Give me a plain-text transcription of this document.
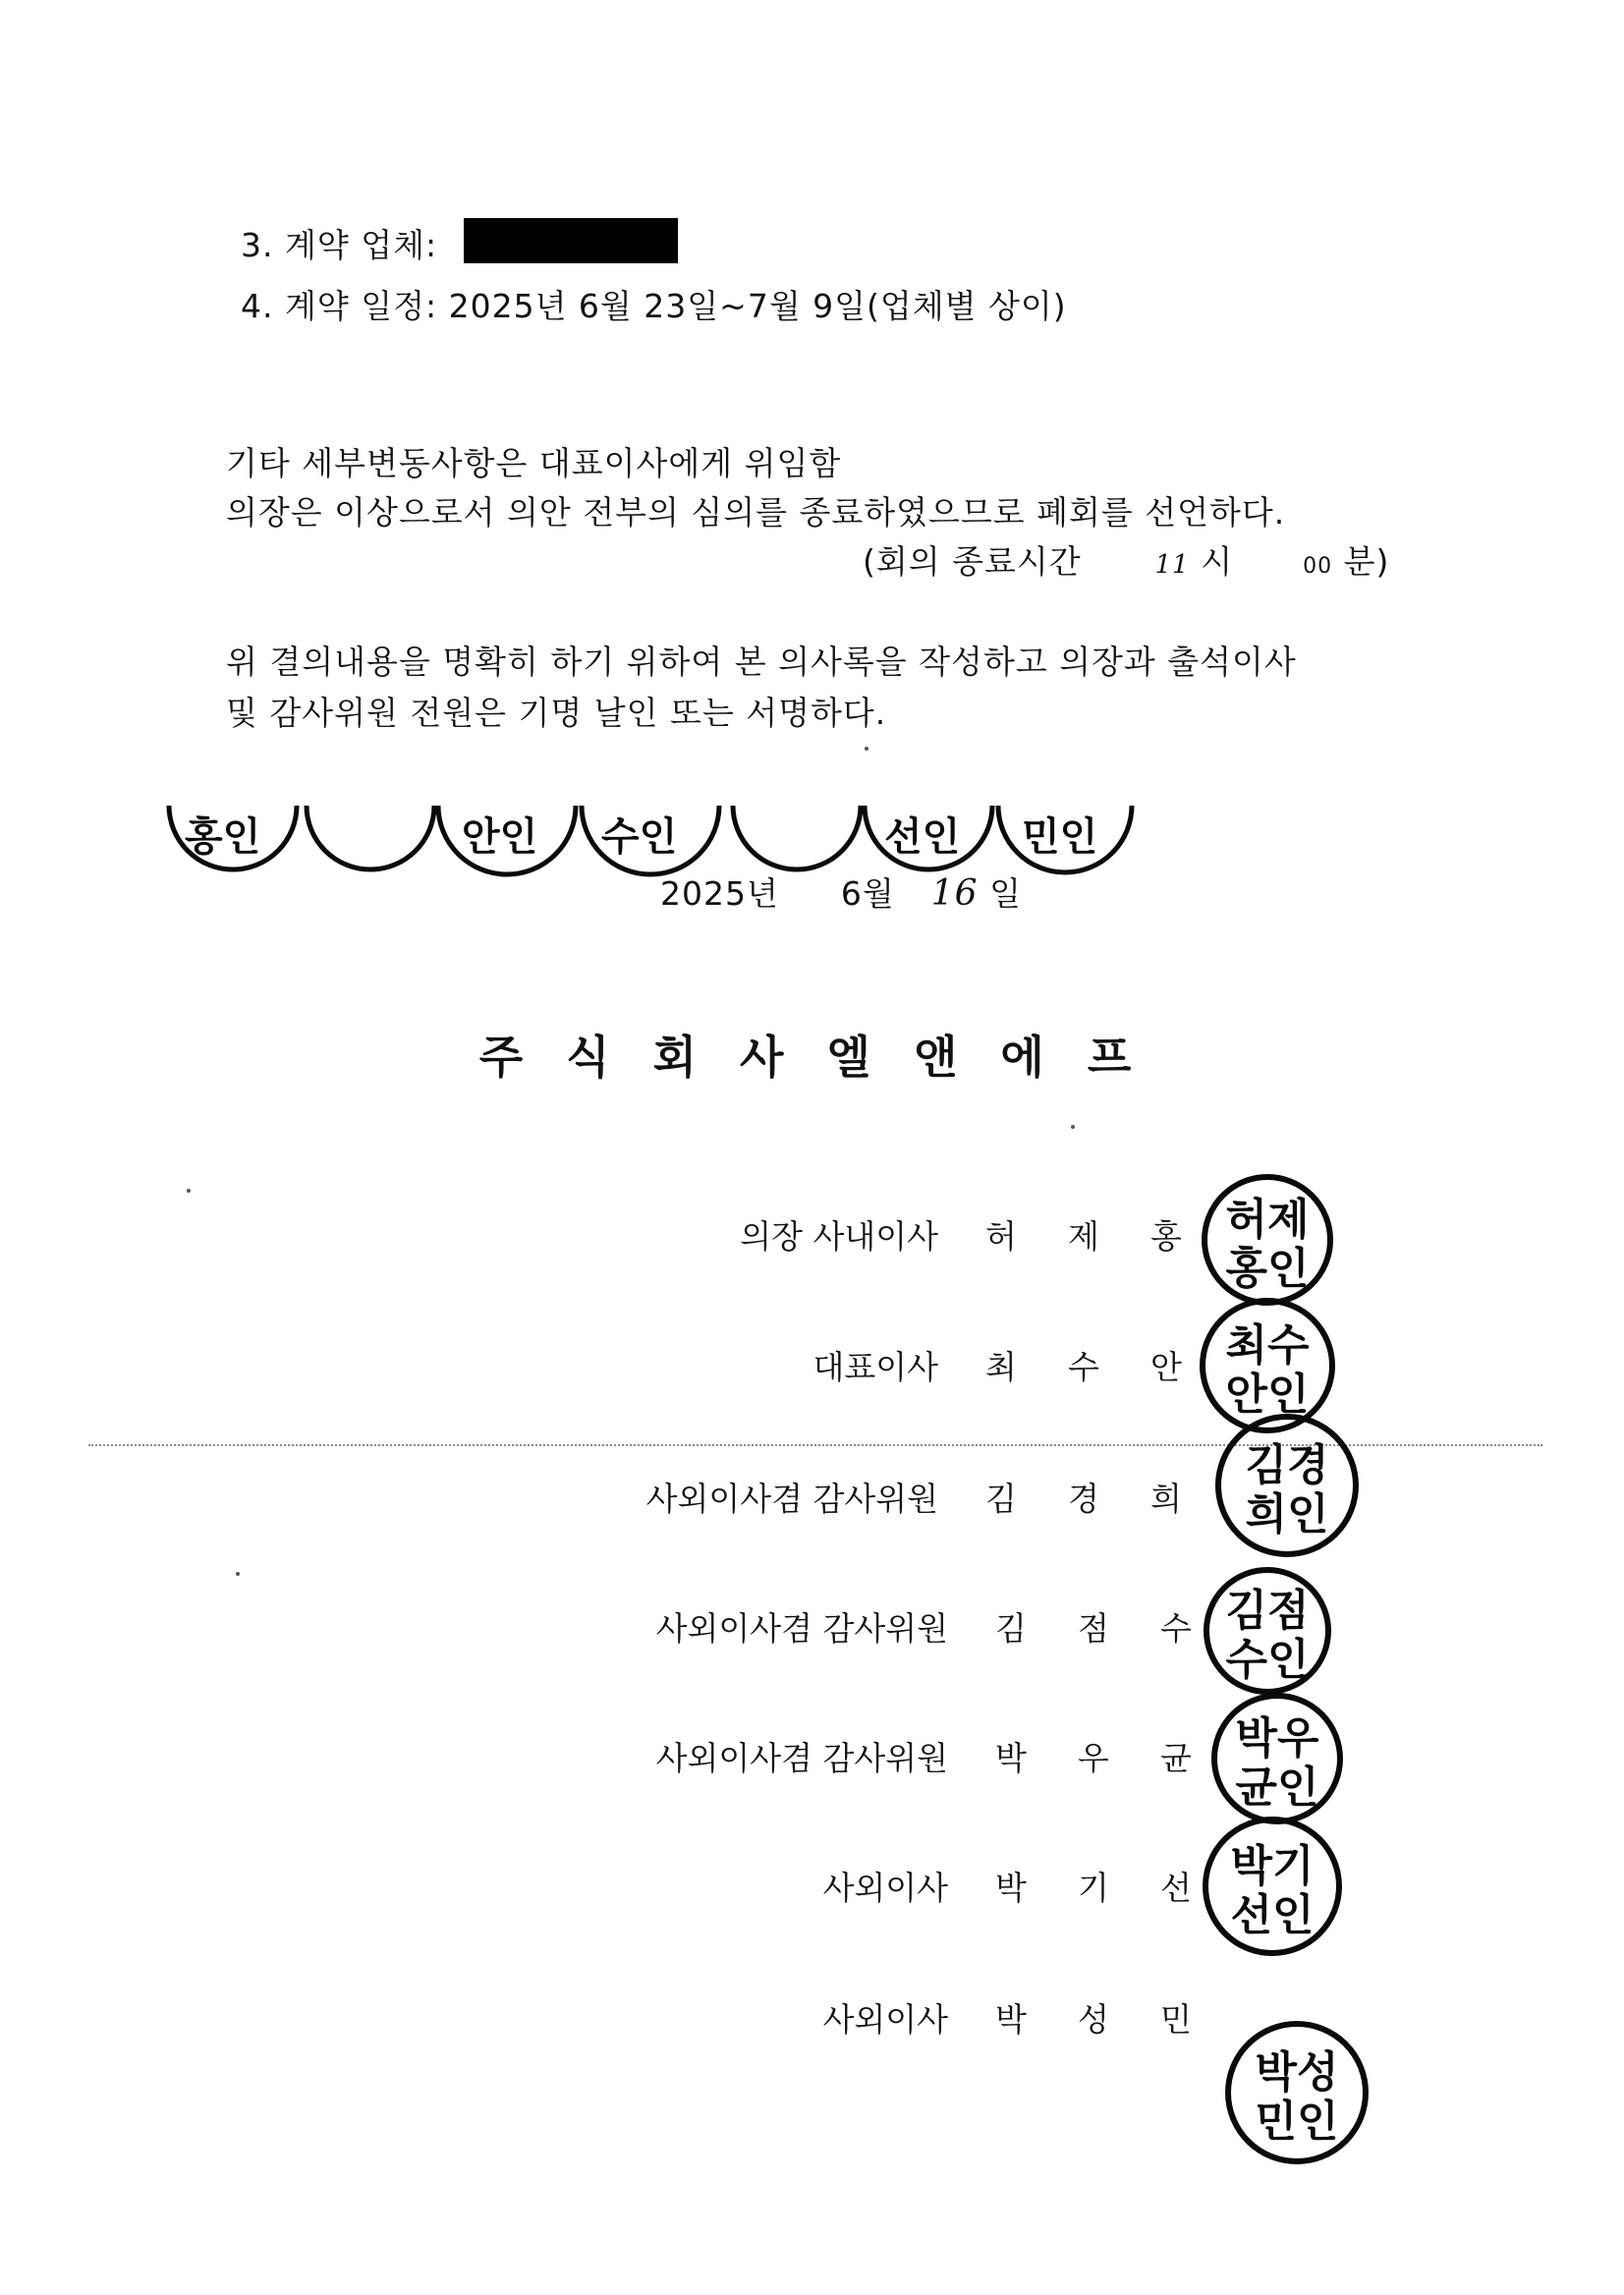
3. 계약 업체:
4. 계약 일정: 2025년 6월 23일~7월 9일(업체별 상이)
기타 세부변동사항은 대표이사에게 위임함
의장은 이상으로서 의안 전부의 심의를 종료하였으므로 폐회를 선언하다.
(회의 종료시간	11 시	00 분)
위 결의내용을 명확히 하기 위하여 본 의사록을 작성하고 의장과 출석이사
및 감사위원 전원은 기명 날인 또는 서명하다.
홍인	안인 수인	선인 민인
2025년 6월 16 일
주 식 회 사 엘 앤 에 프
의장 사내이사 허 제 홍	허제
홍인
대표이사 최 수 안	최수
안인
사외이사겸 감사위원 김 경 희
김경
희인
사외이사겸 감사위원 김 점 수 김점
수인
사외이사겸 감사위원 박 우 균	박우
균인
사외이사 박 기 선 박기
선인
사외이사 박 성 민
박성
민인
